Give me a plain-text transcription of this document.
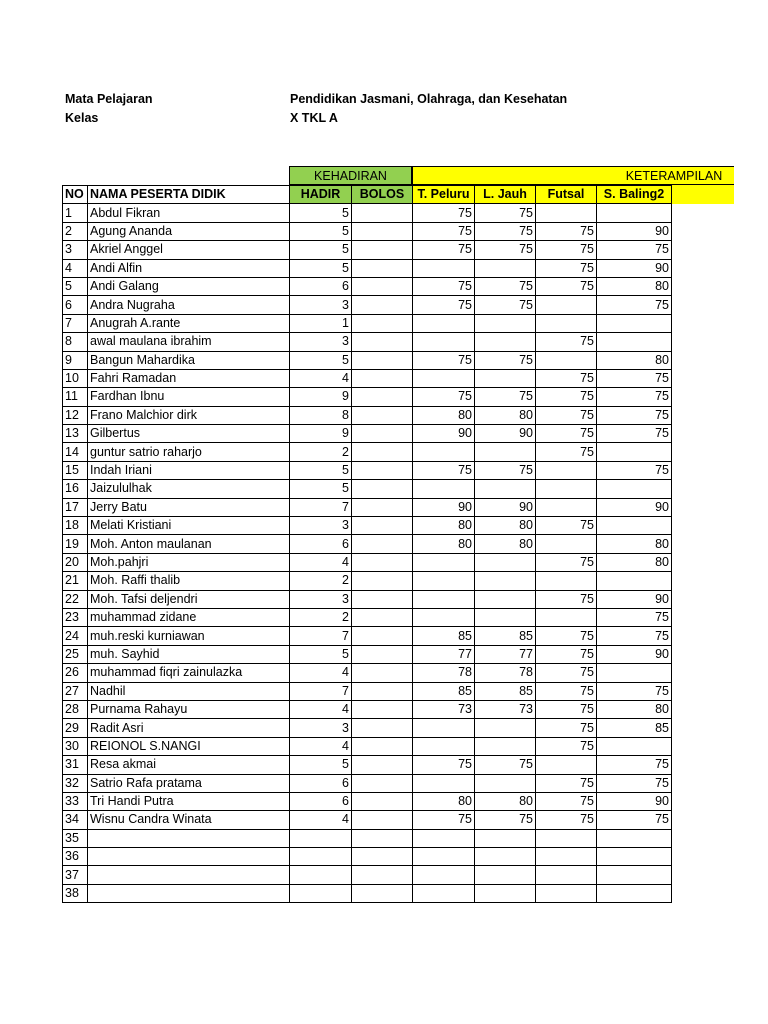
Mata Pelajaran	Pendidikan Jasmani, Olahraga, dan Kesehatan
Kelas	X TKL A
KEHADIRAN	KETERAMPILAN
NO	NAMA PESERTA DIDIK	HADIR	BOLOS	T. Peluru	L. Jauh	Futsal	S. Baling2
1	Abdul Fikran	5		75	75		
2	Agung Ananda	5		75	75	75	90
3	Akriel Anggel	5		75	75	75	75
4	Andi Alfin	5				75	90
5	Andi Galang	6		75	75	75	80
6	Andra Nugraha	3		75	75		75
7	Anugrah A.rante	1					
8	awal maulana ibrahim	3				75	
9	Bangun Mahardika	5		75	75		80
10	Fahri Ramadan	4				75	75
11	Fardhan Ibnu	9		75	75	75	75
12	Frano Malchior dirk	8		80	80	75	75
13	Gilbertus	9		90	90	75	75
14	guntur satrio raharjo	2				75	
15	Indah Iriani	5		75	75		75
16	Jaizululhak	5					
17	Jerry Batu	7		90	90		90
18	Melati Kristiani	3		80	80	75	
19	Moh. Anton maulanan	6		80	80		80
20	Moh.pahjri	4				75	80
21	Moh. Raffi thalib	2					
22	Moh. Tafsi deljendri	3				75	90
23	muhammad zidane	2					75
24	muh.reski kurniawan	7		85	85	75	75
25	muh. Sayhid	5		77	77	75	90
26	muhammad fiqri zainulazka	4		78	78	75	
27	Nadhil	7		85	85	75	75
28	Purnama Rahayu	4		73	73	75	80
29	Radit Asri	3				75	85
30	REIONOL S.NANGI	4				75	
31	Resa akmai	5		75	75		75
32	Satrio Rafa pratama	6				75	75
33	Tri Handi Putra	6		80	80	75	90
34	Wisnu Candra Winata	4		75	75	75	75
35							
36							
37							
38							
